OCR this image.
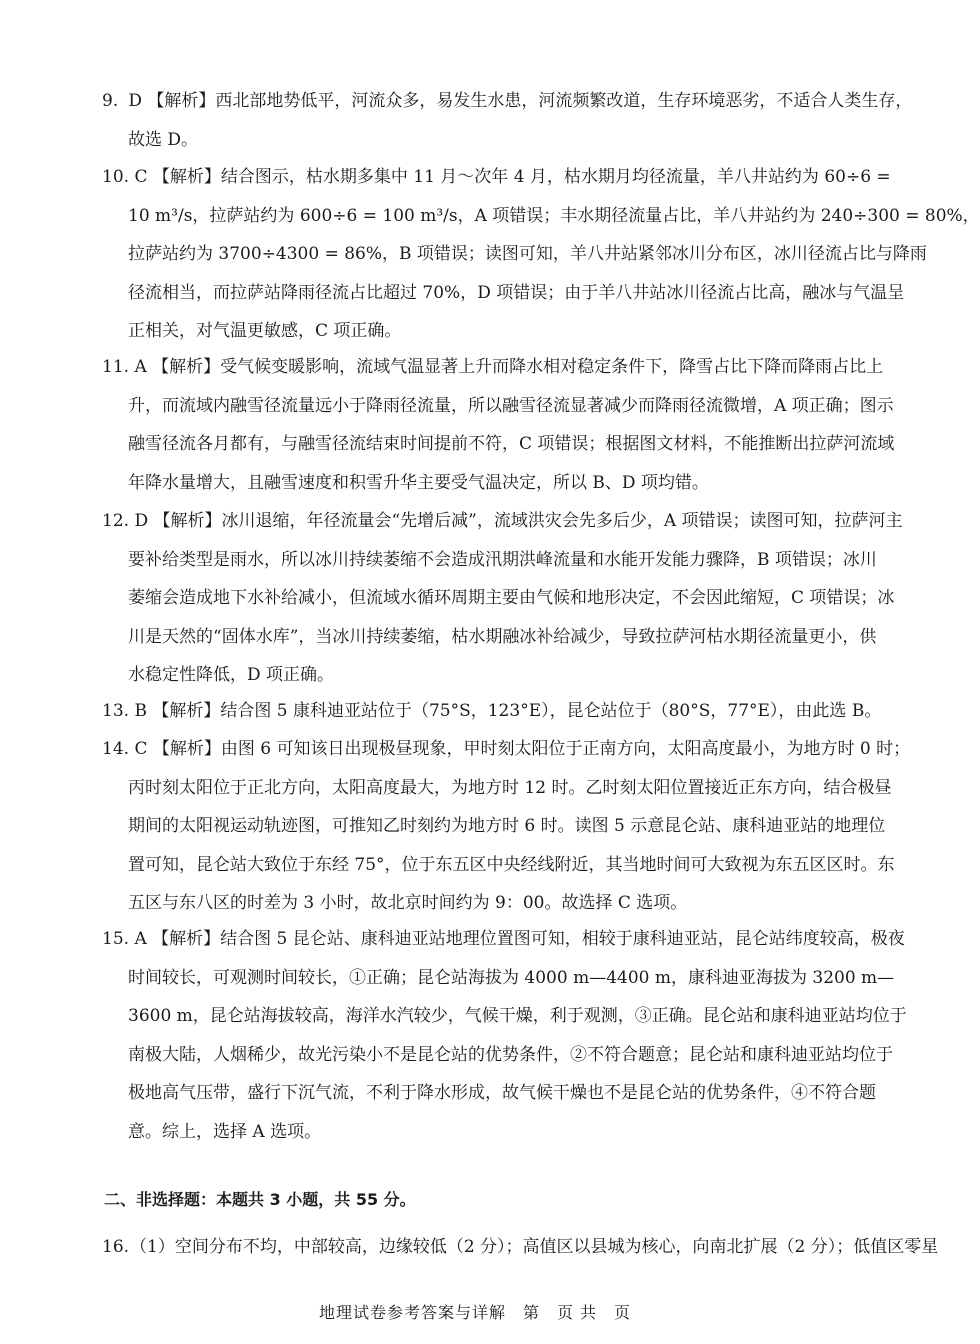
9. D 【解析】西北部地势低平，河流众多，易发生水患，河流频繁改道，生存环境恶劣，不适合人类生存，
故选 D。
10. C 【解析】结合图示，枯水期多集中 11 月～次年 4 月，枯水期月均径流量，羊八井站约为 60÷6 =
10 m³/s，拉萨站约为 600÷6 = 100 m³/s，A 项错误；丰水期径流量占比，羊八井站约为 240÷300 = 80%，
拉萨站约为 3700÷4300 = 86%，B 项错误；读图可知，羊八井站紧邻冰川分布区，冰川径流占比与降雨
径流相当，而拉萨站降雨径流占比超过 70%，D 项错误；由于羊八井站冰川径流占比高，融冰与气温呈
正相关，对气温更敏感，C 项正确。
11. A 【解析】受气候变暖影响，流域气温显著上升而降水相对稳定条件下，降雪占比下降而降雨占比上
升，而流域内融雪径流量远小于降雨径流量，所以融雪径流显著减少而降雨径流微增，A 项正确；图示
融雪径流各月都有，与融雪径流结束时间提前不符，C 项错误；根据图文材料，不能推断出拉萨河流域
年降水量增大，且融雪速度和积雪升华主要受气温决定，所以 B、D 项均错。
12. D 【解析】冰川退缩，年径流量会“先增后减”，流域洪灾会先多后少，A 项错误；读图可知，拉萨河主
要补给类型是雨水，所以冰川持续萎缩不会造成汛期洪峰流量和水能开发能力骤降，B 项错误；冰川
萎缩会造成地下水补给减小，但流域水循环周期主要由气候和地形决定，不会因此缩短，C 项错误；冰
川是天然的“固体水库”，当冰川持续萎缩，枯水期融冰补给减少，导致拉萨河枯水期径流量更小，供
水稳定性降低，D 项正确。
13. B 【解析】结合图 5 康科迪亚站位于（75°S，123°E），昆仑站位于（80°S，77°E），由此选 B。
14. C 【解析】由图 6 可知该日出现极昼现象，甲时刻太阳位于正南方向，太阳高度最小，为地方时 0 时；
丙时刻太阳位于正北方向，太阳高度最大，为地方时 12 时。乙时刻太阳位置接近正东方向，结合极昼
期间的太阳视运动轨迹图，可推知乙时刻约为地方时 6 时。读图 5 示意昆仑站、康科迪亚站的地理位
置可知，昆仑站大致位于东经 75°，位于东五区中央经线附近，其当地时间可大致视为东五区区时。东
五区与东八区的时差为 3 小时，故北京时间约为 9：00。故选择 C 选项。
15. A 【解析】结合图 5 昆仑站、康科迪亚站地理位置图可知，相较于康科迪亚站，昆仑站纬度较高，极夜
时间较长，可观测时间较长，①正确；昆仑站海拔为 4000 m—4400 m，康科迪亚海拔为 3200 m—
3600 m，昆仑站海拔较高，海洋水汽较少，气候干燥，利于观测，③正确。昆仑站和康科迪亚站均位于
南极大陆，人烟稀少，故光污染小不是昆仑站的优势条件，②不符合题意；昆仑站和康科迪亚站均位于
极地高气压带，盛行下沉气流，不利于降水形成，故气候干燥也不是昆仑站的优势条件，④不符合题
意。综上，选择 A 选项。
二、非选择题：本题共 3 小题，共 55 分。
16.（1）空间分布不均，中部较高，边缘较低（2 分）；高值区以县城为核心，向南北扩展（2 分）；低值区零星
地理试卷参考答案与详解　第　页 共　页
